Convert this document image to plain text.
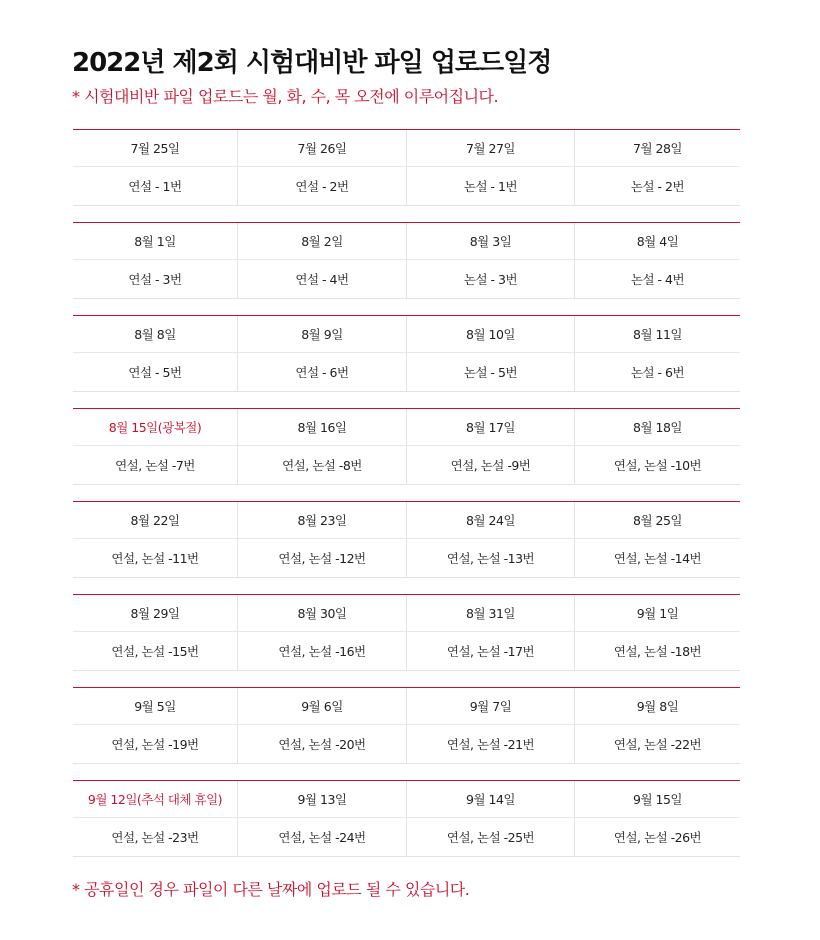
2022년 제2회 시험대비반 파일 업로드일정
* 시험대비반 파일 업로드는 월, 화, 수, 목 오전에 이루어집니다.
7월 25일	7월 26일	7월 27일	7월 28일
연설 - 1번	연설 - 2번	논설 - 1번	논설 - 2번
8월 1일	8월 2일	8월 3일	8월 4일
연설 - 3번	연설 - 4번	논설 - 3번	논설 - 4번
8월 8일	8월 9일	8월 10일	8월 11일
연설 - 5번	연설 - 6번	논설 - 5번	논설 - 6번
8월 15일(광복절)	8월 16일	8월 17일	8월 18일
연설, 논설 -7번	연설, 논설 -8번	연설, 논설 -9번	연설, 논설 -10번
8월 22일	8월 23일	8월 24일	8월 25일
연설, 논설 -11번	연설, 논설 -12번	연설, 논설 -13번	연설, 논설 -14번
8월 29일	8월 30일	8월 31일	9월 1일
연설, 논설 -15번	연설, 논설 -16번	연설, 논설 -17번	연설, 논설 -18번
9월 5일	9월 6일	9월 7일	9월 8일
연설, 논설 -19번	연설, 논설 -20번	연설, 논설 -21번	연설, 논설 -22번
9월 12일(추석 대체 휴일)	9월 13일	9월 14일	9월 15일
연설, 논설 -23번	연설, 논설 -24번	연설, 논설 -25번	연설, 논설 -26번
* 공휴일인 경우 파일이 다른 날짜에 업로드 될 수 있습니다.
